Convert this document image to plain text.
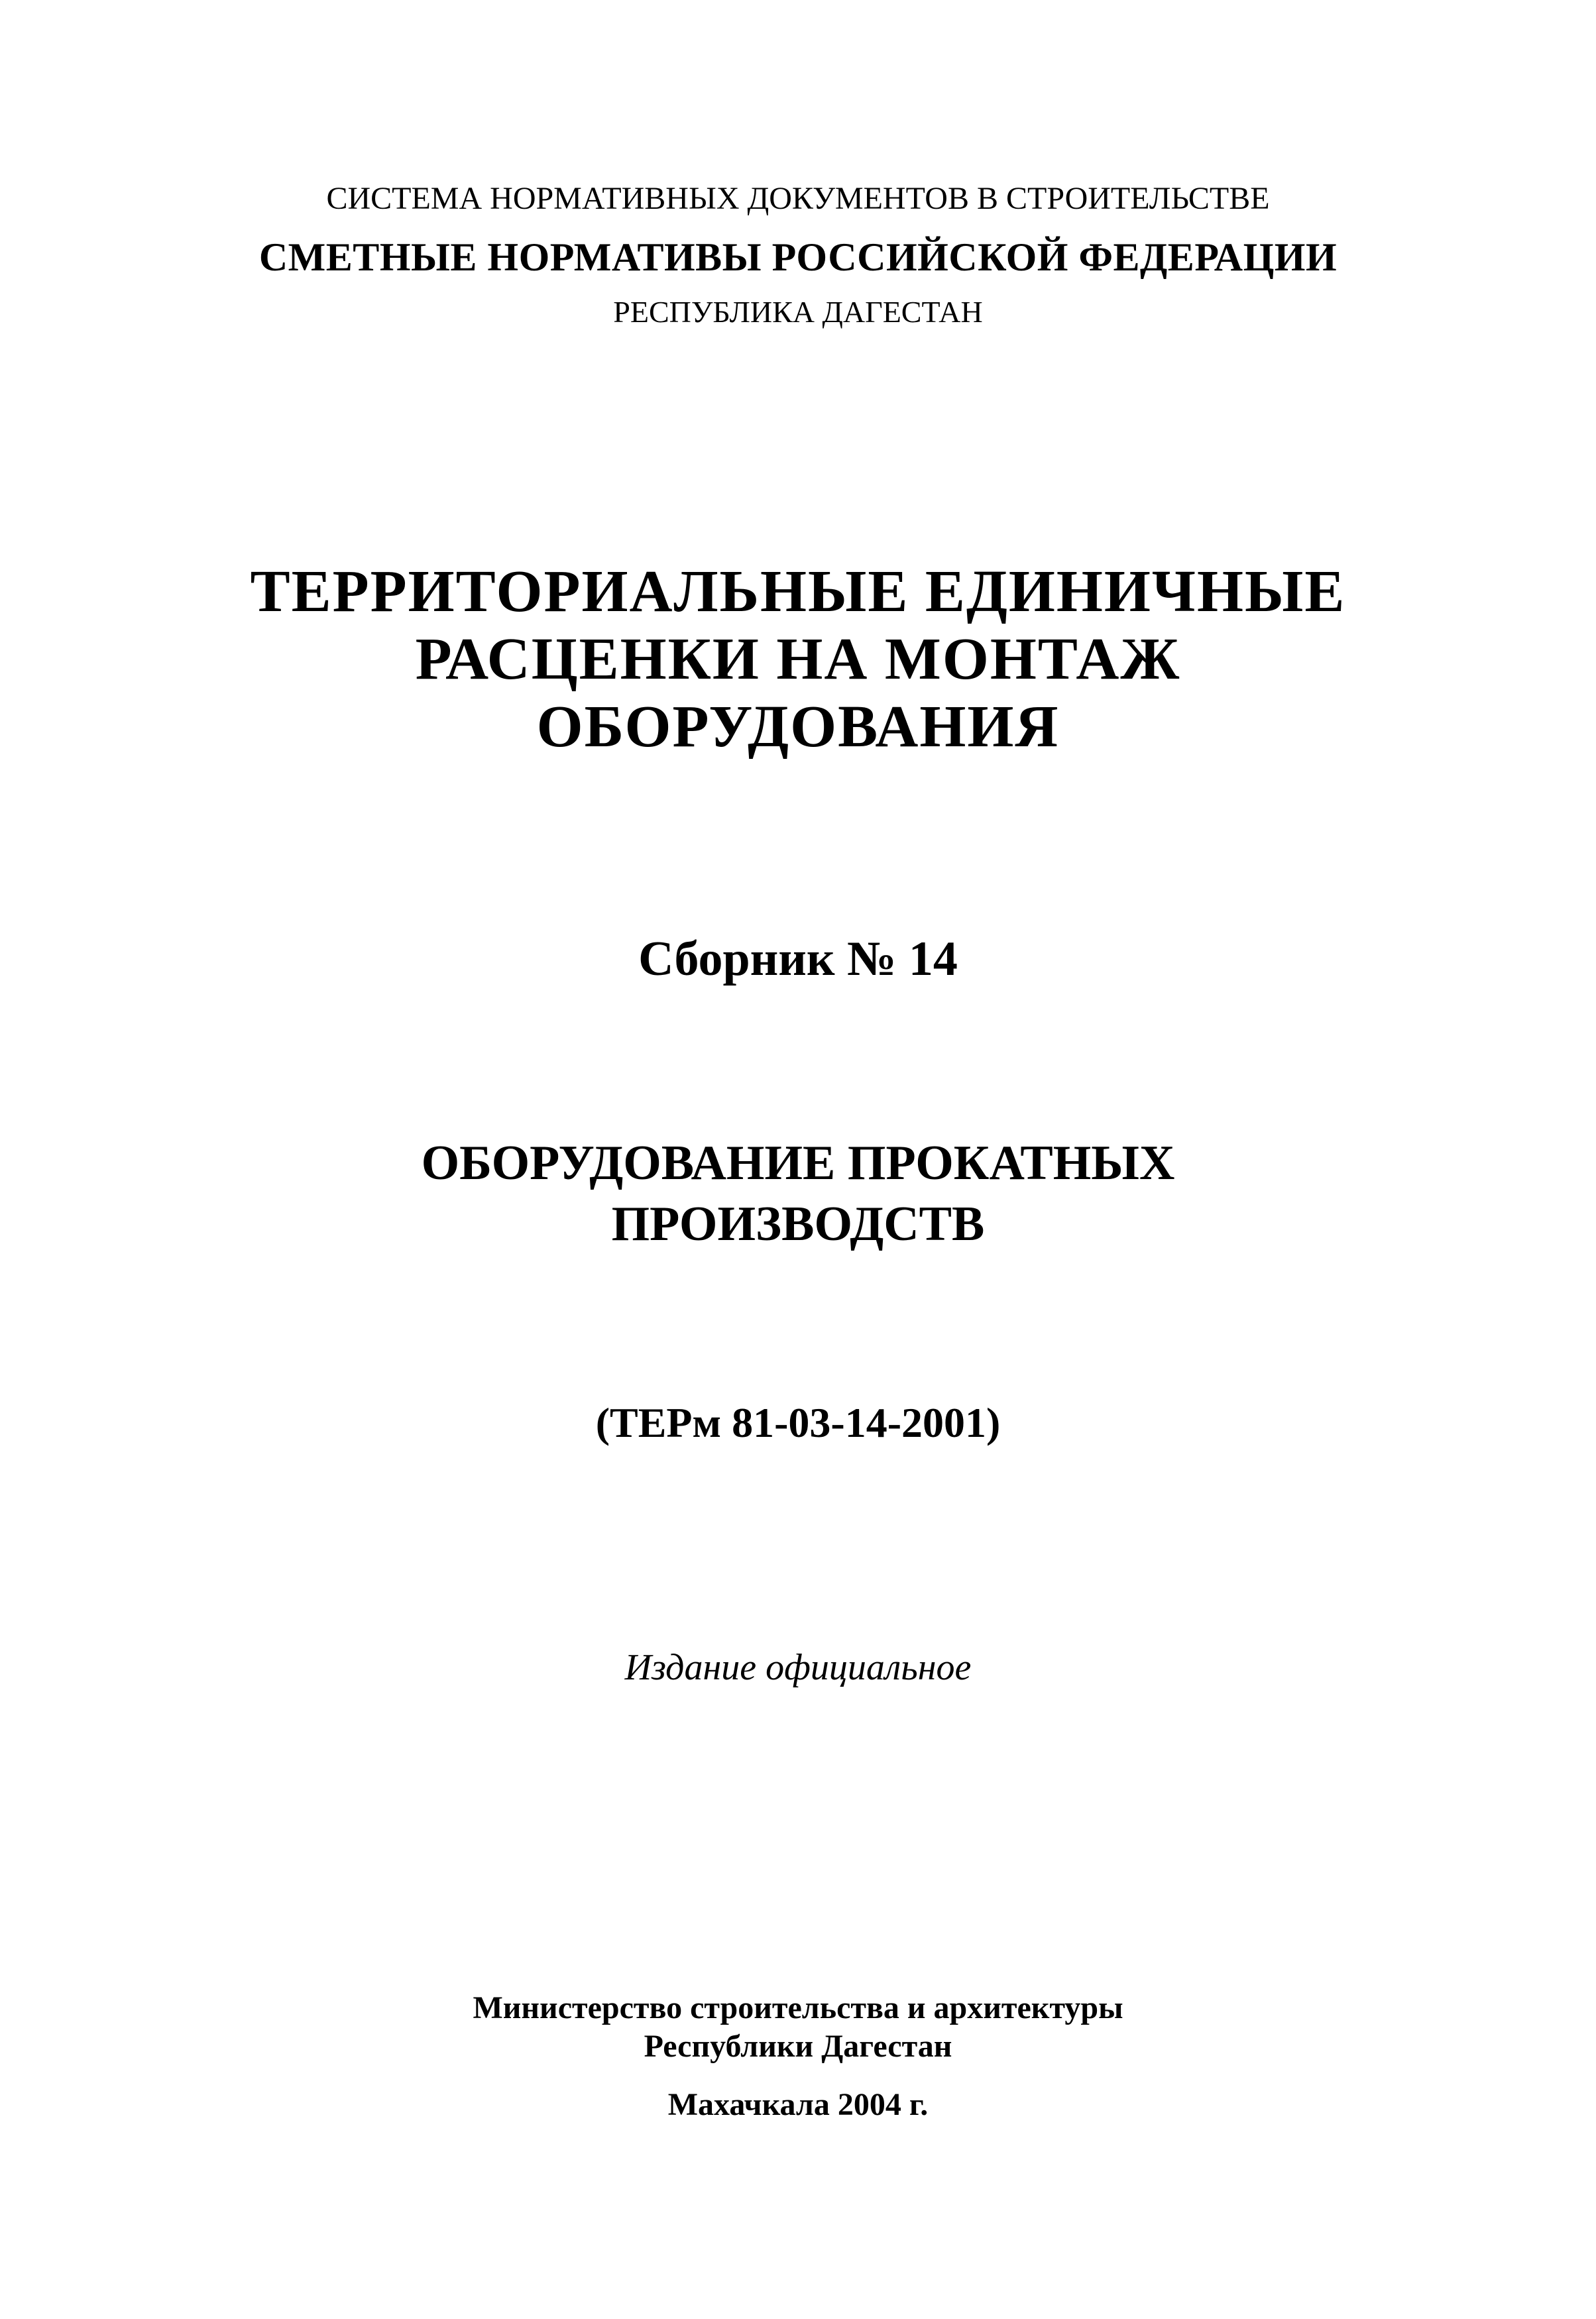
СИСТЕМА НОРМАТИВНЫХ ДОКУМЕНТОВ В СТРОИТЕЛЬСТВЕ
СМЕТНЫЕ НОРМАТИВЫ РОССИЙСКОЙ ФЕДЕРАЦИИ
РЕСПУБЛИКА ДАГЕСТАН
ТЕРРИТОРИАЛЬНЫЕ ЕДИНИЧНЫЕ
РАСЦЕНКИ НА МОНТАЖ
ОБОРУДОВАНИЯ
Сборник № 14
ОБОРУДОВАНИЕ ПРОКАТНЫХ
ПРОИЗВОДСТВ
(ТЕРм 81-03-14-2001)
Издание официальное
Министерство строительства и архитектуры
Республики Дагестан
Махачкала 2004 г.
